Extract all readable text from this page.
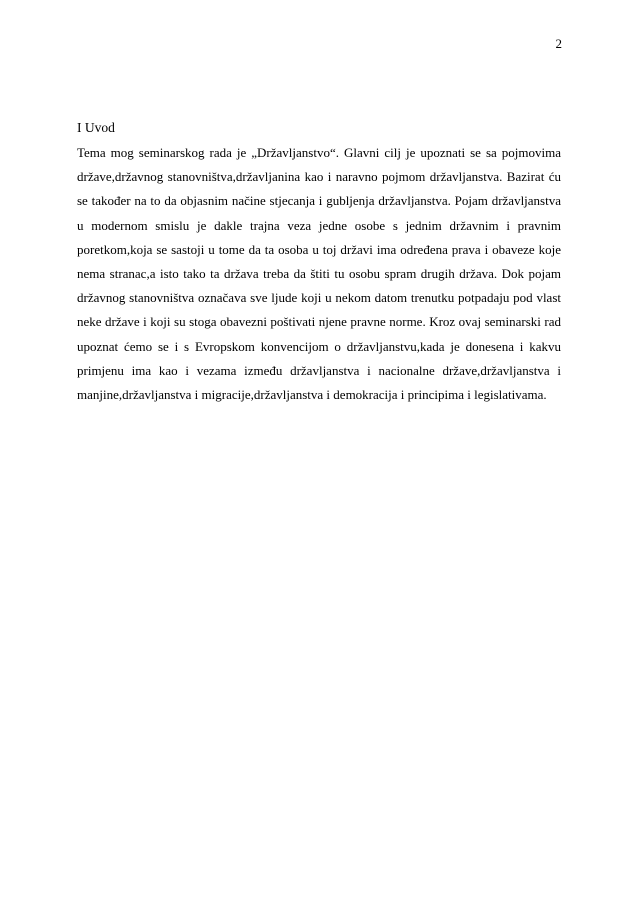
2
I Uvod

Tema mog seminarskog rada je „Državljanstvo“. Glavni cilj je upoznati se sa pojmovima države,državnog stanovništva,državljanina kao i naravno pojmom državljanstva. Bazirat ću se također na to da objasnim načine stjecanja i gubljenja državljanstva. Pojam državljanstva u modernom smislu je dakle trajna veza jedne osobe s jednim državnim i pravnim poretkom,koja se sastoji u tome da ta osoba u toj državi ima određena prava i obaveze koje nema stranac,a isto tako ta država treba da štiti tu osobu spram drugih država. Dok pojam državnog stanovništva označava sve ljude koji u nekom datom trenutku potpadaju pod vlast neke države i koji su stoga obavezni poštivati njene pravne norme. Kroz ovaj seminarski rad upoznat ćemo se i s Evropskom konvencijom o državljanstvu,kada je donesena i kakvu primjenu ima kao i vezama između državljanstva i nacionalne države,državljanstva i manjine,državljanstva i migracije,državljanstva i demokracija i principima i legislativama.
